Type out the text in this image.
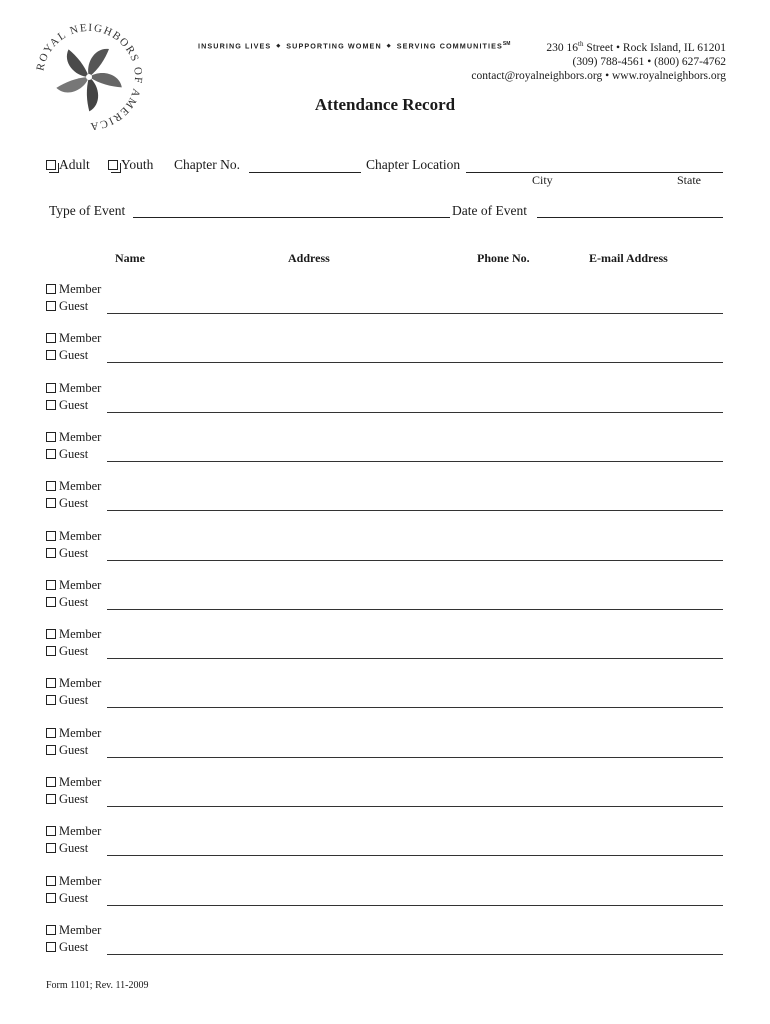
ROYAL NEIGHBORS OF AMERICA
INSURING LIVES ◆ SUPPORTING WOMEN ◆ SERVING COMMUNITIES℠	230 16th Street • Rock Island, IL 61201
(309) 788-4561 • (800) 627-4762
contact@royalneighbors.org • www.royalneighbors.org
Attendance Record
Adult	Youth Chapter No.	Chapter Location
City	State
Type of Event	Date of Event
Name	Address	Phone No.	E-mail Address
Member
Guest
Member
Guest
Member
Guest
Member
Guest
Member
Guest
Member
Guest
Member
Guest
Member
Guest
Member
Guest
Member
Guest
Member
Guest
Member
Guest
Member
Guest
Member
Guest
Form 1101; Rev. 11-2009
